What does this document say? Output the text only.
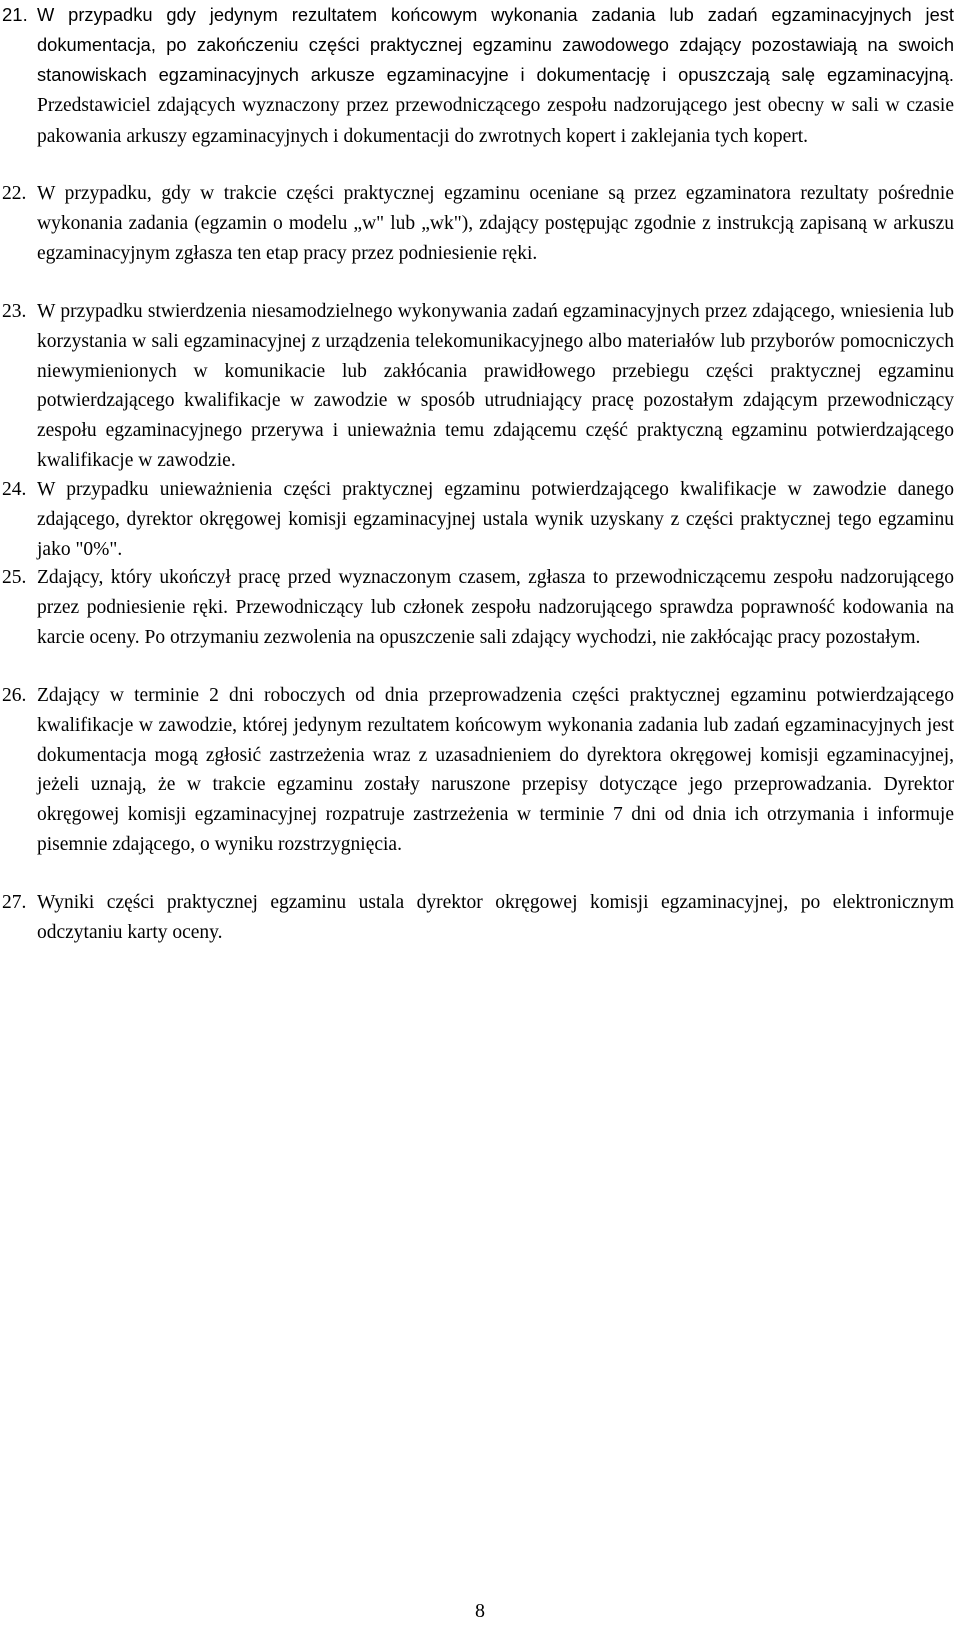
21. W przypadku gdy jedynym rezultatem końcowym wykonania zadania lub zadań egzaminacyjnych jest dokumentacja, po zakończeniu części praktycznej egzaminu zawodowego zdający pozostawiają na swoich stanowiskach egzaminacyjnych arkusze egzaminacyjne i dokumentację i opuszczają salę egzaminacyjną. Przedstawiciel zdających wyznaczony przez przewodniczącego zespołu nadzorującego jest obecny w sali w czasie pakowania arkuszy egzaminacyjnych i dokumentacji do zwrotnych kopert i zaklejania tych kopert.
22. W przypadku, gdy w trakcie części praktycznej egzaminu oceniane są przez egzaminatora rezultaty pośrednie wykonania zadania (egzamin o modelu „w" lub „wk"), zdający postępując zgodnie z instrukcją zapisaną w arkuszu egzaminacyjnym zgłasza ten etap pracy przez podniesienie ręki.
23. W przypadku stwierdzenia niesamodzielnego wykonywania zadań egzaminacyjnych przez zdającego, wniesienia lub korzystania w sali egzaminacyjnej z urządzenia telekomunikacyjnego albo materiałów lub przyborów pomocniczych niewymienionych w komunikacie lub zakłócania prawidłowego przebiegu części praktycznej egzaminu potwierdzającego kwalifikacje w zawodzie w sposób utrudniający pracę pozostałym zdającym przewodniczący zespołu egzaminacyjnego przerywa i unieważnia temu zdającemu część praktyczną egzaminu potwierdzającego kwalifikacje w zawodzie.
24. W przypadku unieważnienia części praktycznej egzaminu potwierdzającego kwalifikacje w zawodzie danego zdającego, dyrektor okręgowej komisji egzaminacyjnej ustala wynik uzyskany z części praktycznej tego egzaminu jako "0%".
25. Zdający, który ukończył pracę przed wyznaczonym czasem, zgłasza to przewodniczącemu zespołu nadzorującego przez podniesienie ręki. Przewodniczący lub członek zespołu nadzorującego sprawdza poprawność kodowania na karcie oceny. Po otrzymaniu zezwolenia na opuszczenie sali zdający wychodzi, nie zakłócając pracy pozostałym.
26. Zdający w terminie 2 dni roboczych od dnia przeprowadzenia części praktycznej egzaminu potwierdzającego kwalifikacje w zawodzie, której jedynym rezultatem końcowym wykonania zadania lub zadań egzaminacyjnych jest dokumentacja mogą zgłosić zastrzeżenia wraz z uzasadnieniem do dyrektora okręgowej komisji egzaminacyjnej, jeżeli uznają, że w trakcie egzaminu zostały naruszone przepisy dotyczące jego przeprowadzania. Dyrektor okręgowej komisji egzaminacyjnej rozpatruje zastrzeżenia w terminie 7 dni od dnia ich otrzymania i informuje pisemnie zdającego, o wyniku rozstrzygnięcia.
27. Wyniki części praktycznej egzaminu ustala dyrektor okręgowej komisji egzaminacyjnej, po elektronicznym odczytaniu karty oceny.
8
